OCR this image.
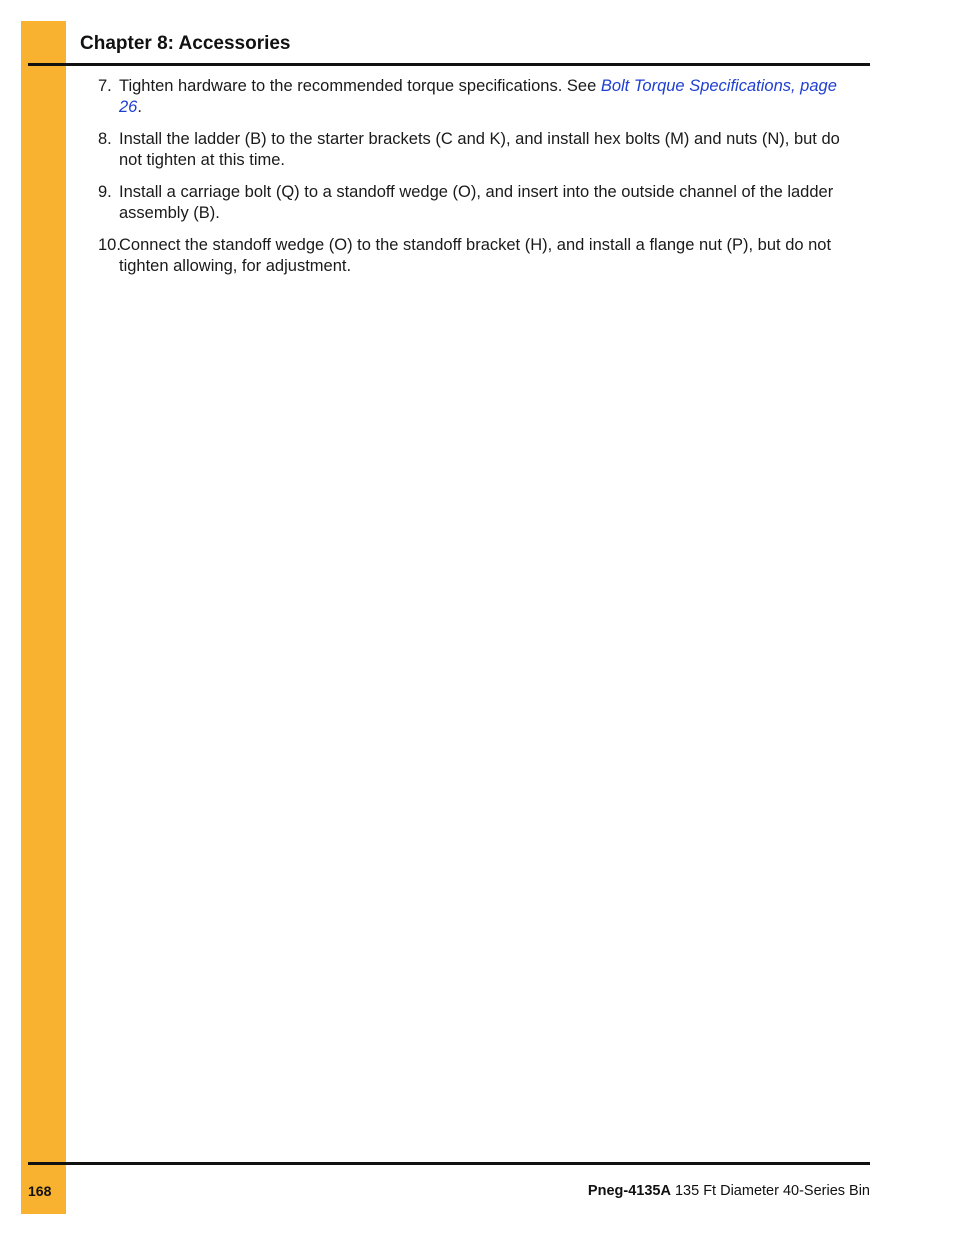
Chapter 8: Accessories
7. Tighten hardware to the recommended torque specifications. See Bolt Torque Specifications, page 26.
8. Install the ladder (B) to the starter brackets (C and K), and install hex bolts (M) and nuts (N), but do not tighten at this time.
9. Install a carriage bolt (Q) to a standoff wedge (O), and insert into the outside channel of the ladder assembly (B).
10.
Connect the standoff wedge (O) to the standoff bracket (H), and install a flange nut (P), but do not tighten allowing, for adjustment.
168	Pneg-4135A 135 Ft Diameter 40-Series Bin
